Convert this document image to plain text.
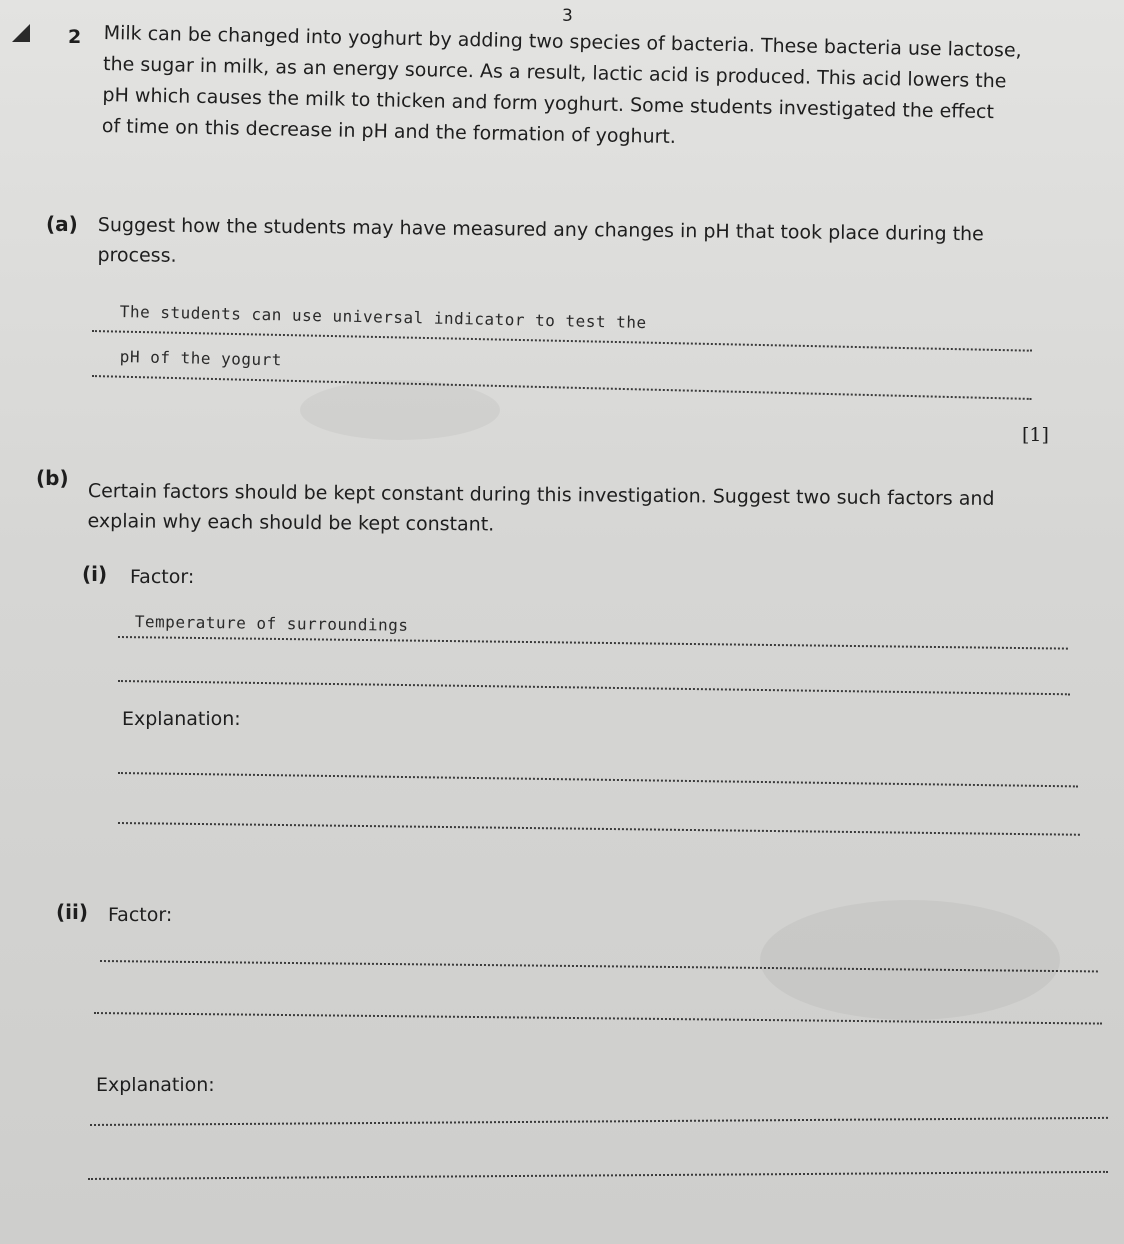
3
2 Milk can be changed into yoghurt by adding two species of bacteria. These bacteria use lactose,

the sugar in milk, as an energy source. As a result, lactic acid is produced. This acid lowers the

pH which causes the milk to thicken and form yoghurt. Some students investigated the effect

of time on this decrease in pH and the formation of yoghurt.

(a) Suggest how the students may have measured any changes in pH that took place during the

process.

The students can use universal indicator to test the
pH of the yogurt
[1]
(b)

Certain factors should be kept constant during this investigation. Suggest two such factors and

explain why each should be kept constant.

(i) Factor:
Temperature of surroundings
Explanation:
(ii) Factor:
Explanation:
